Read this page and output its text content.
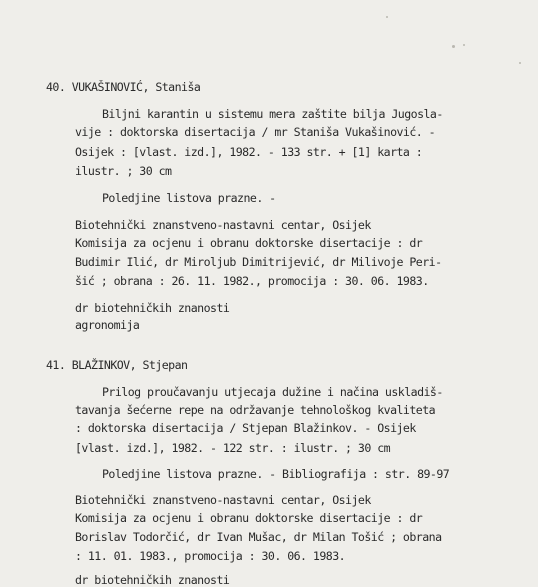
40. VUKAŠINOVIĆ, Staniša
Biljni karantin u sistemu mera zaštite bilja Jugosla-
vije : doktorska disertacija / mr Staniša Vukašinović. -
Osijek : [vlast. izd.], 1982. - 133 str. + [1] karta :
ilustr. ; 30 cm
Poledjine listova prazne. -
Biotehnički znanstveno-nastavni centar, Osijek
Komisija za ocjenu i obranu doktorske disertacije : dr
Budimir Ilić, dr Miroljub Dimitrijević, dr Milivoje Peri-
šić ; obrana : 26. 11. 1982., promocija : 30. 06. 1983.
dr biotehničkih znanosti
agronomija
41. BLAŽINKOV, Stjepan
Prilog proučavanju utjecaja dužine i načina uskladiš-
tavanja šećerne repe na održavanje tehnološkog kvaliteta
: doktorska disertacija / Stjepan Blažinkov. - Osijek
[vlast. izd.], 1982. - 122 str. : ilustr. ; 30 cm
Poledjine listova prazne. - Bibliografija : str. 89-97
Biotehnički znanstveno-nastavni centar, Osijek
Komisija za ocjenu i obranu doktorske disertacije : dr
Borislav Todorčić, dr Ivan Mušac, dr Milan Tošić ; obrana
: 11. 01. 1983., promocija : 30. 06. 1983.
dr biotehničkih znanosti
